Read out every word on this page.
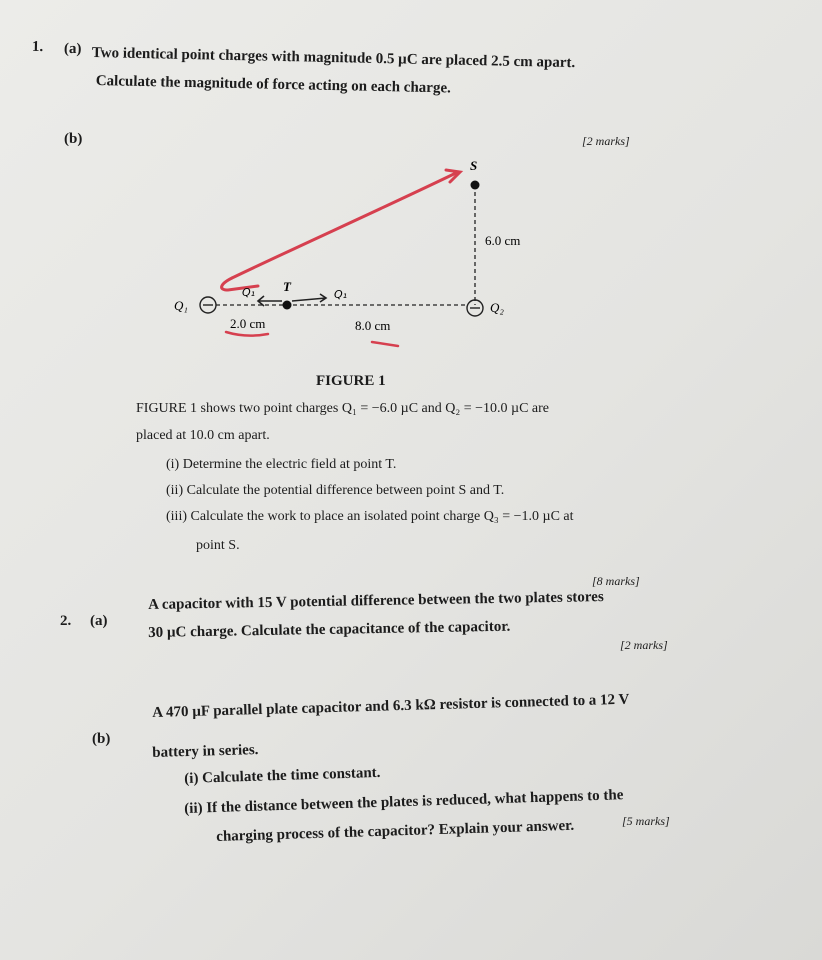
1. (a) Two identical point charges with magnitude 0.5 µC are placed 2.5 cm apart.
Calculate the magnitude of force acting on each charge.
(b)	[2 marks]
S
T
Q₁	Q₂
Q₁	Q₁
6.0 cm
2.0 cm	8.0 cm
FIGURE 1
FIGURE 1 shows two point charges Q₁ = −6.0 µC and Q₂ = −10.0 µC are
placed at 10.0 cm apart.
(i) Determine the electric field at point T.
(ii) Calculate the potential difference between point S and T.
(iii) Calculate the work to place an isolated point charge Q₃ = −1.0 µC at
point S.
[8 marks]
2. (a)
A capacitor with 15 V potential difference between the two plates stores
30 µC charge. Calculate the capacitance of the capacitor.
[2 marks]
(b)
A 470 µF parallel plate capacitor and 6.3 kΩ resistor is connected to a 12 V
battery in series.
(i) Calculate the time constant.
(ii) If the distance between the plates is reduced, what happens to the
charging process of the capacitor? Explain your answer.	[5 marks]
